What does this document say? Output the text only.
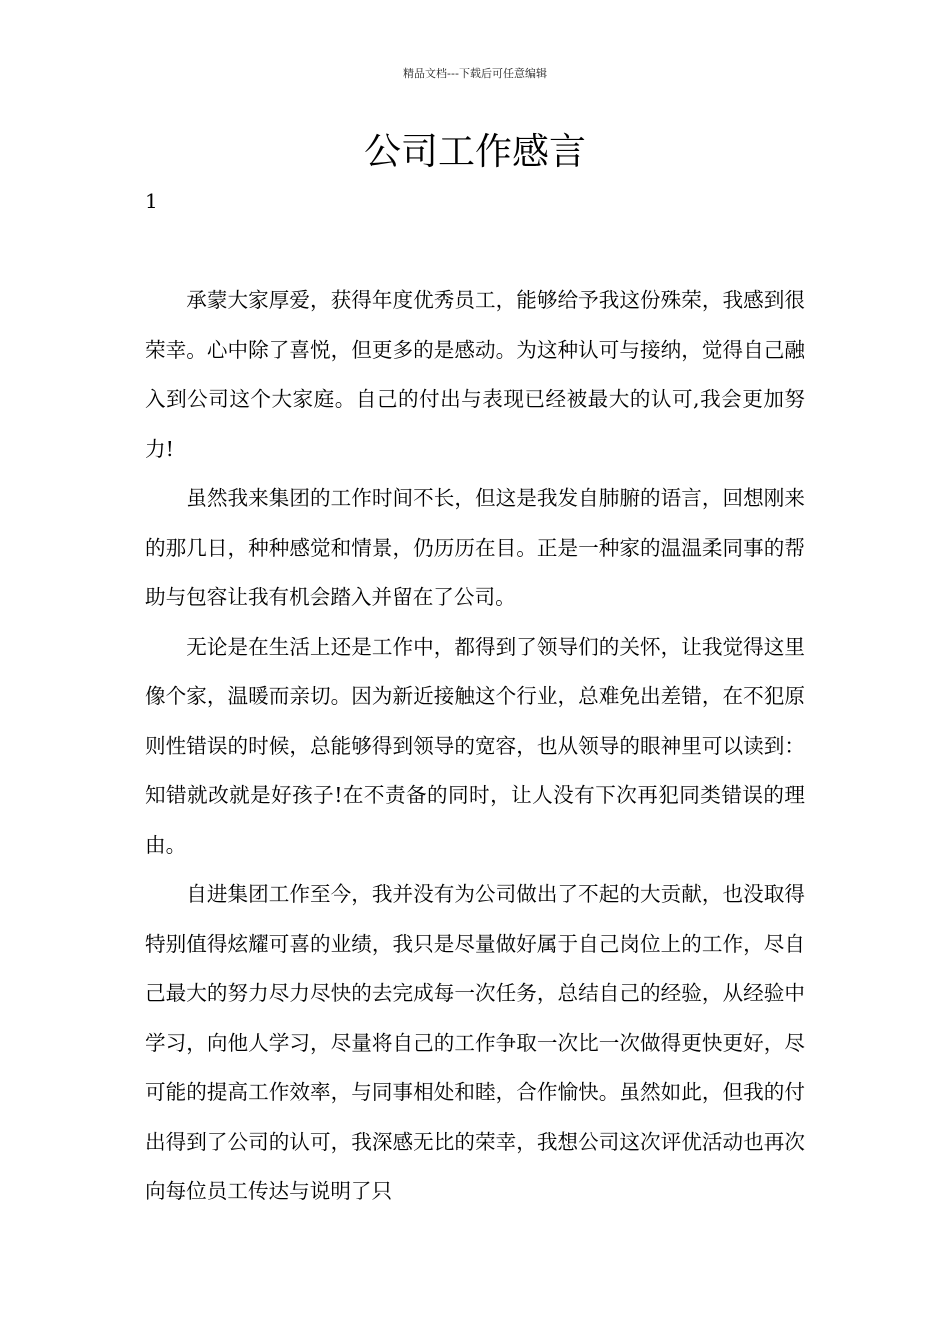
精品文档---下载后可任意编辑
公司工作感言
1

承蒙大家厚爱，获得年度优秀员工，能够给予我这份殊荣，我感到很荣幸。心中除了喜悦，但更多的是感动。为这种认可与接纳，觉得自己融入到公司这个大家庭。自己的付出与表现已经被最大的认可,我会更加努力!

虽然我来集团的工作时间不长，但这是我发自肺腑的语言，回想刚来的那几日，种种感觉和情景，仍历历在目。正是一种家的温温柔同事的帮助与包容让我有机会踏入并留在了公司。

无论是在生活上还是工作中，都得到了领导们的关怀，让我觉得这里像个家，温暖而亲切。因为新近接触这个行业，总难免出差错，在不犯原则性错误的时候，总能够得到领导的宽容，也从领导的眼神里可以读到：知错就改就是好孩子!在不责备的同时，让人没有下次再犯同类错误的理由。

自进集团工作至今，我并没有为公司做出了不起的大贡献，也没取得特别值得炫耀可喜的业绩，我只是尽量做好属于自己岗位上的工作，尽自己最大的努力尽力尽快的去完成每一次任务，总结自己的经验，从经验中学习，向他人学习，尽量将自己的工作争取一次比一次做得更快更好，尽可能的提高工作效率，与同事相处和睦，合作愉快。虽然如此，但我的付出得到了公司的认可，我深感无比的荣幸，我想公司这次评优活动也再次向每位员工传达与说明了只
